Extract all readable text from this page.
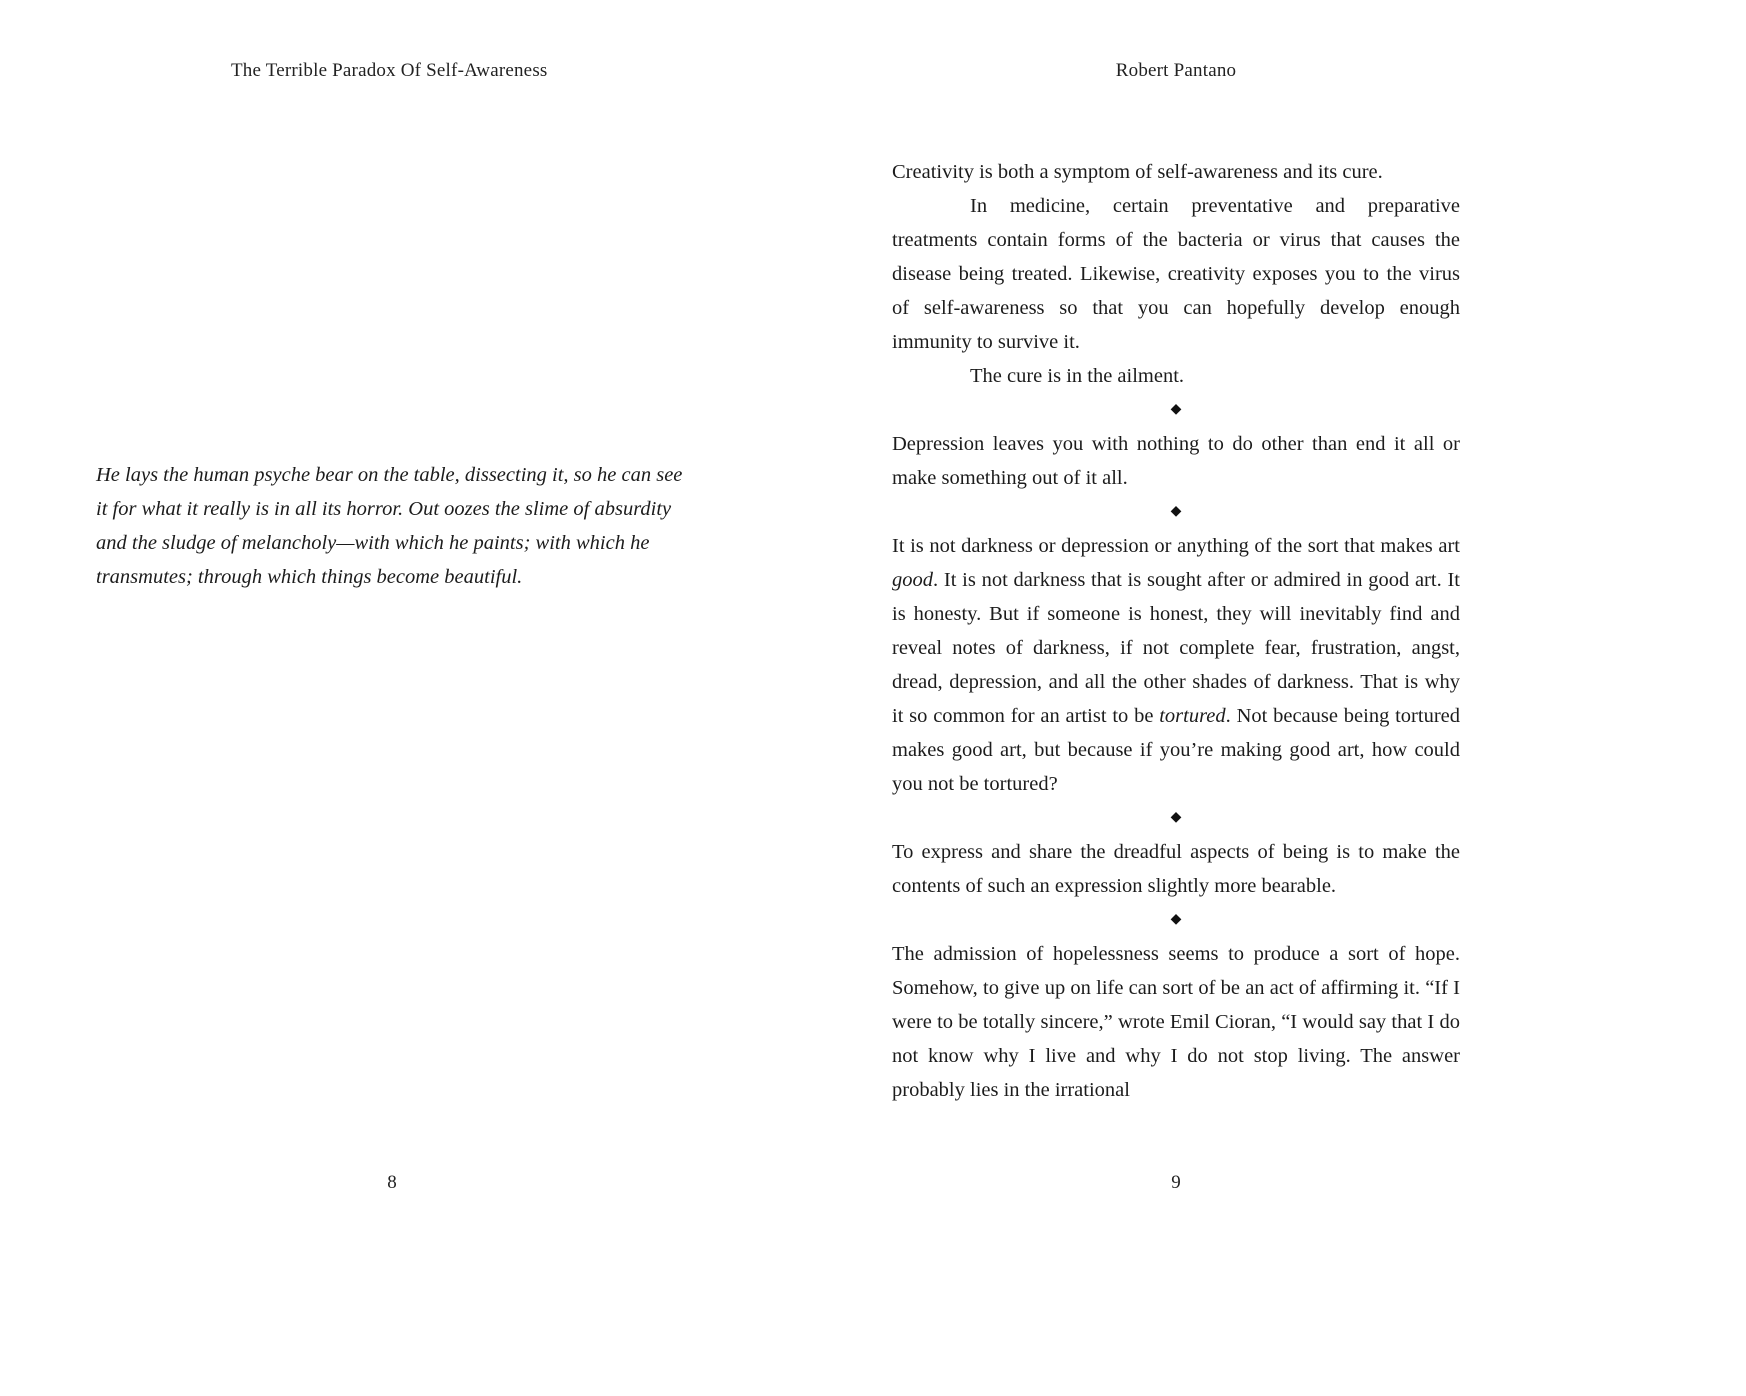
The Terrible Paradox Of Self-Awareness
He lays the human psyche bear on the table, dissecting it, so he can see it for what it really is in all its horror. Out oozes the slime of absurdity and the sludge of melancholy—with which he paints; with which he transmutes; through which things become beautiful.
8
Robert Pantano

Creativity is both a symptom of self-awareness and its cure.

In medicine, certain preventative and preparative treatments contain forms of the bacteria or virus that causes the disease being treated. Likewise, creativity exposes you to the virus of self-awareness so that you can hopefully develop enough immunity to survive it.

The cure is in the ailment.

◆

Depression leaves you with nothing to do other than end it all or make something out of it all.

◆

It is not darkness or depression or anything of the sort that makes art good. It is not darkness that is sought after or admired in good art. It is honesty. But if someone is honest, they will inevitably find and reveal notes of darkness, if not complete fear, frustration, angst, dread, depression, and all the other shades of darkness. That is why it so common for an artist to be tortured. Not because being tortured makes good art, but because if you’re making good art, how could you not be tortured?

◆

To express and share the dreadful aspects of being is to make the contents of such an expression slightly more bearable.

◆

The admission of hopelessness seems to produce a sort of hope. Somehow, to give up on life can sort of be an act of affirming it. “If I were to be totally sincere,” wrote Emil Cioran, “I would say that I do not know why I live and why I do not stop living. The answer probably lies in the irrational

9
